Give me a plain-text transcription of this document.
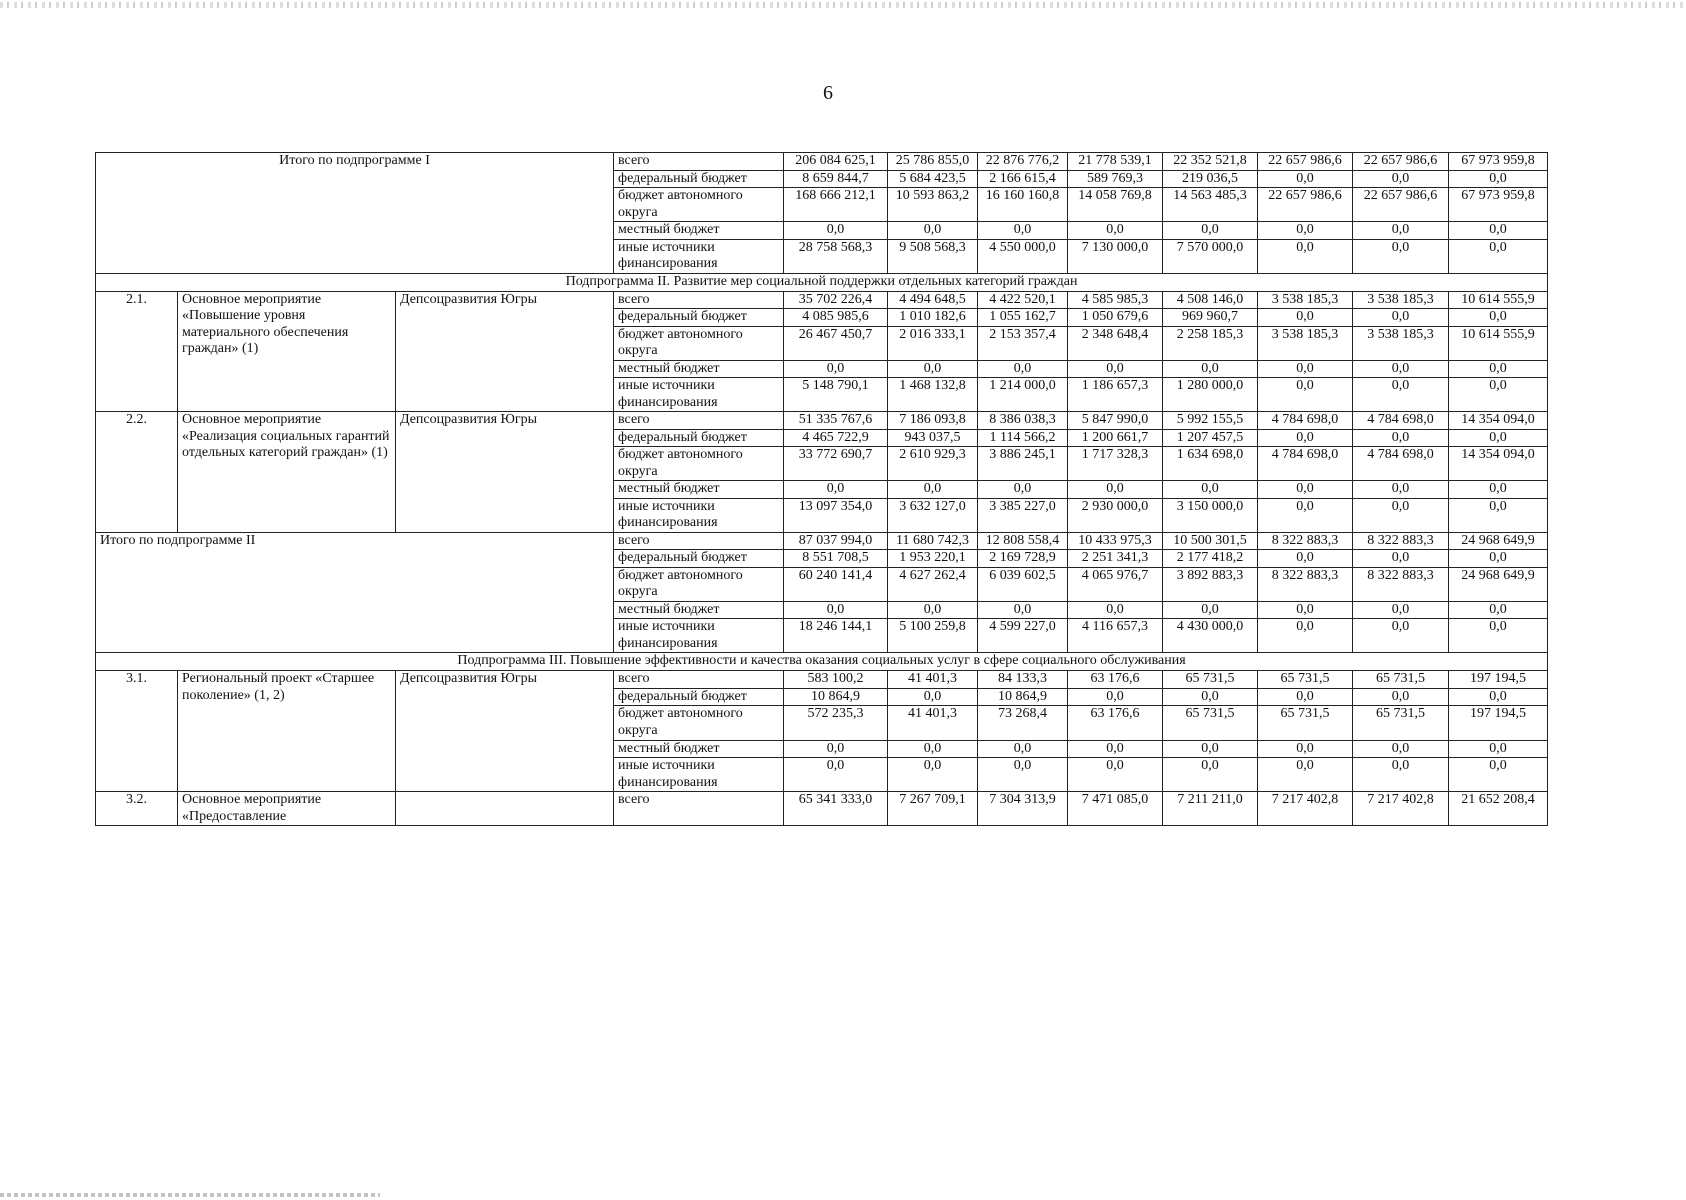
6
Итого по подпрограмме I			всего	206 084 625,1	25 786 855,0	22 876 776,2	21 778 539,1	22 352 521,8	22 657 986,6	22 657 986,6	67 973 959,8
			федеральный бюджет	8 659 844,7	5 684 423,5	2 166 615,4	589 769,3	219 036,5	0,0	0,0	0,0
			бюджет автономного округа	168 666 212,1	10 593 863,2	16 160 160,8	14 058 769,8	14 563 485,3	22 657 986,6	22 657 986,6	67 973 959,8
			местный бюджет	0,0	0,0	0,0	0,0	0,0	0,0	0,0	0,0
			иные источники финансирования	28 758 568,3	9 508 568,3	4 550 000,0	7 130 000,0	7 570 000,0	0,0	0,0	0,0
Подпрограмма II. Развитие мер социальной поддержки отдельных категорий граждан											
2.1.	Основное мероприятие «Повышение уровня материального обеспечения граждан» (1)	Депсоцразвития Югры	всего	35 702 226,4	4 494 648,5	4 422 520,1	4 585 985,3	4 508 146,0	3 538 185,3	3 538 185,3	10 614 555,9
			федеральный бюджет	4 085 985,6	1 010 182,6	1 055 162,7	1 050 679,6	969 960,7	0,0	0,0	0,0
			бюджет автономного округа	26 467 450,7	2 016 333,1	2 153 357,4	2 348 648,4	2 258 185,3	3 538 185,3	3 538 185,3	10 614 555,9
			местный бюджет	0,0	0,0	0,0	0,0	0,0	0,0	0,0	0,0
			иные источники финансирования	5 148 790,1	1 468 132,8	1 214 000,0	1 186 657,3	1 280 000,0	0,0	0,0	0,0
2.2.	Основное мероприятие «Реализация социальных гарантий отдельных категорий граждан» (1)	Депсоцразвития Югры	всего	51 335 767,6	7 186 093,8	8 386 038,3	5 847 990,0	5 992 155,5	4 784 698,0	4 784 698,0	14 354 094,0
			федеральный бюджет	4 465 722,9	943 037,5	1 114 566,2	1 200 661,7	1 207 457,5	0,0	0,0	0,0
			бюджет автономного округа	33 772 690,7	2 610 929,3	3 886 245,1	1 717 328,3	1 634 698,0	4 784 698,0	4 784 698,0	14 354 094,0
			местный бюджет	0,0	0,0	0,0	0,0	0,0	0,0	0,0	0,0
			иные источники финансирования	13 097 354,0	3 632 127,0	3 385 227,0	2 930 000,0	3 150 000,0	0,0	0,0	0,0
Итого по подпрограмме II			всего	87 037 994,0	11 680 742,3	12 808 558,4	10 433 975,3	10 500 301,5	8 322 883,3	8 322 883,3	24 968 649,9
			федеральный бюджет	8 551 708,5	1 953 220,1	2 169 728,9	2 251 341,3	2 177 418,2	0,0	0,0	0,0
			бюджет автономного округа	60 240 141,4	4 627 262,4	6 039 602,5	4 065 976,7	3 892 883,3	8 322 883,3	8 322 883,3	24 968 649,9
			местный бюджет	0,0	0,0	0,0	0,0	0,0	0,0	0,0	0,0
			иные источники финансирования	18 246 144,1	5 100 259,8	4 599 227,0	4 116 657,3	4 430 000,0	0,0	0,0	0,0
Подпрограмма III. Повышение эффективности и качества оказания социальных услуг в сфере социального обслуживания											
3.1.	Региональный проект «Старшее поколение» (1, 2)	Депсоцразвития Югры	всего	583 100,2	41 401,3	84 133,3	63 176,6	65 731,5	65 731,5	65 731,5	197 194,5
			федеральный бюджет	10 864,9	0,0	10 864,9	0,0	0,0	0,0	0,0	0,0
			бюджет автономного округа	572 235,3	41 401,3	73 268,4	63 176,6	65 731,5	65 731,5	65 731,5	197 194,5
			местный бюджет	0,0	0,0	0,0	0,0	0,0	0,0	0,0	0,0
			иные источники финансирования	0,0	0,0	0,0	0,0	0,0	0,0	0,0	0,0
3.2.	Основное мероприятие «Предоставление		всего	65 341 333,0	7 267 709,1	7 304 313,9	7 471 085,0	7 211 211,0	7 217 402,8	7 217 402,8	21 652 208,4
